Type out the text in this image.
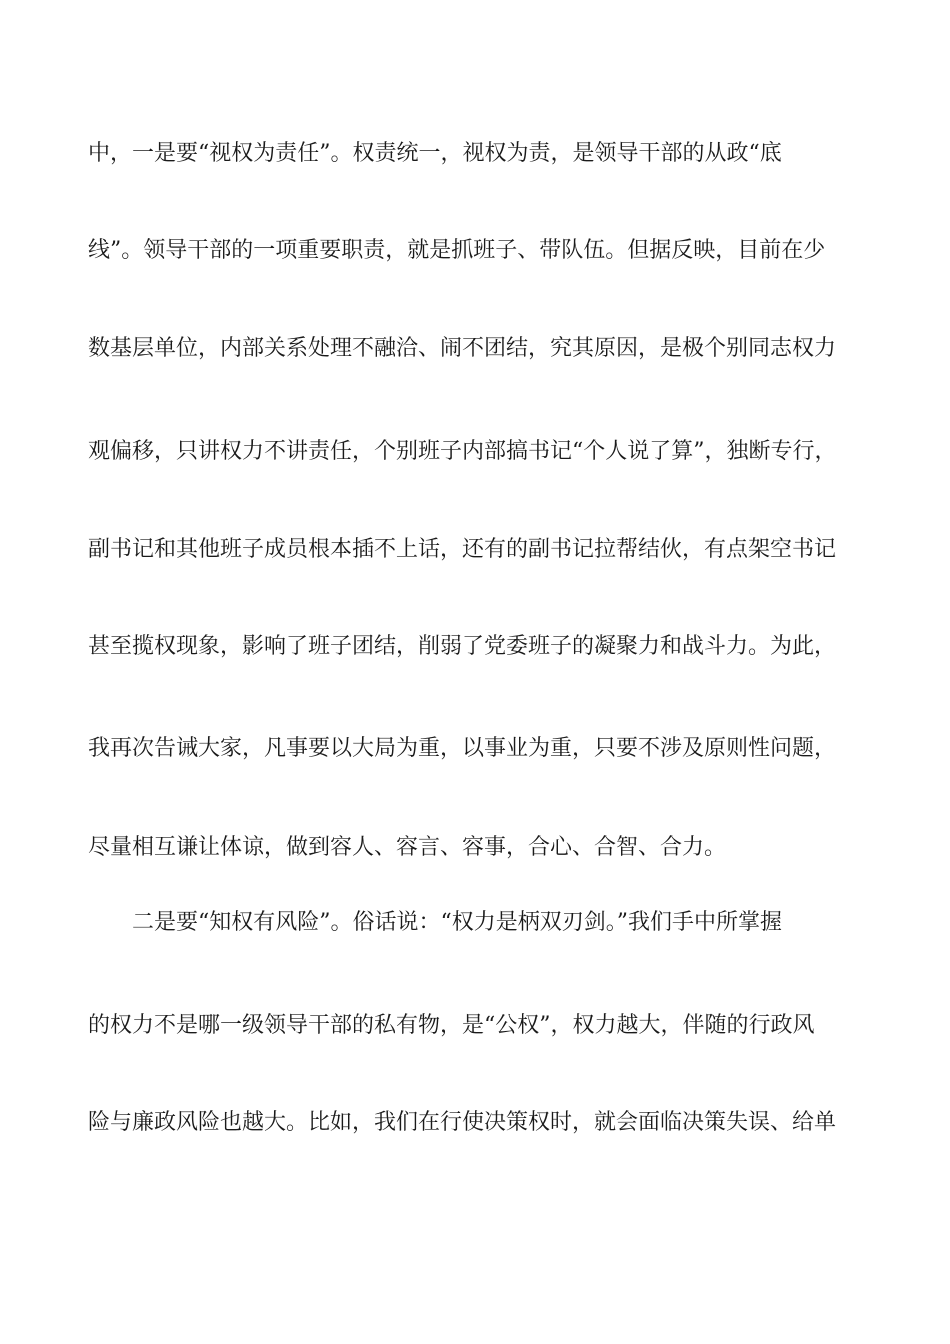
中，一是要“视权为责任”。权责统一，视权为责，是领导干部的从政“底
线”。领导干部的一项重要职责，就是抓班子、带队伍。但据反映，目前在少
数基层单位，内部关系处理不融洽、闹不团结，究其原因，是极个别同志权力
观偏移，只讲权力不讲责任，个别班子内部搞书记“个人说了算”，独断专行，
副书记和其他班子成员根本插不上话，还有的副书记拉帮结伙，有点架空书记
甚至揽权现象，影响了班子团结，削弱了党委班子的凝聚力和战斗力。为此，
我再次告诫大家，凡事要以大局为重，以事业为重，只要不涉及原则性问题，
尽量相互谦让体谅，做到容人、容言、容事，合心、合智、合力。
二是要“知权有风险”。俗话说：“权力是柄双刃剑。”我们手中所掌握
的权力不是哪一级领导干部的私有物，是“公权”，权力越大，伴随的行政风
险与廉政风险也越大。比如，我们在行使决策权时，就会面临决策失误、给单
